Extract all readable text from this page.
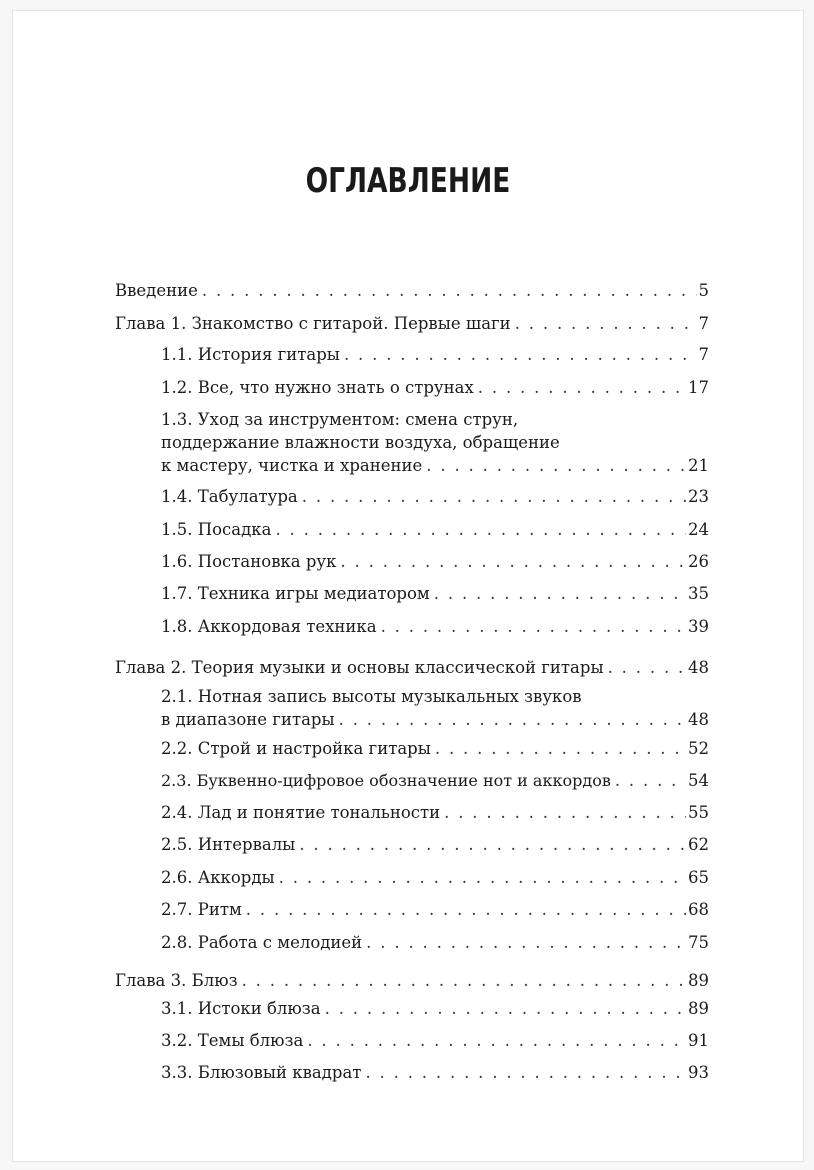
ОГЛАВЛЕНИЕ
Введение . . .	5
Глава 1. Знакомство с гитарой. Первые шаги . . .	7
1.1. История гитары . . .	7
1.2. Все, что нужно знать о струнах . . .	17
1.3. Уход за инструментом: смена струн,
поддержание влажности воздуха, обращение
к мастеру, чистка и хранение . . .	21
1.4. Табулатура . . .	23
1.5. Посадка . . .	24
1.6. Постановка рук . . .	26
1.7. Техника игры медиатором . . .	35
1.8. Аккордовая техника . . .	39
Глава 2. Теория музыки и основы классической гитары . . .	48
2.1. Нотная запись высоты музыкальных звуков
в диапазоне гитары . . .	48
2.2. Строй и настройка гитары . . .	52
2.3. Буквенно-цифровое обозначение нот и аккордов . . .	54
2.4. Лад и понятие тональности . . .	55
2.5. Интервалы . . .	62
2.6. Аккорды . . .	65
2.7. Ритм . . .	68
2.8. Работа с мелодией . . .	75
Глава 3. Блюз . . .	89
3.1. Истоки блюза . . .	89
3.2. Темы блюза . . .	91
3.3. Блюзовый квадрат . . .	93
